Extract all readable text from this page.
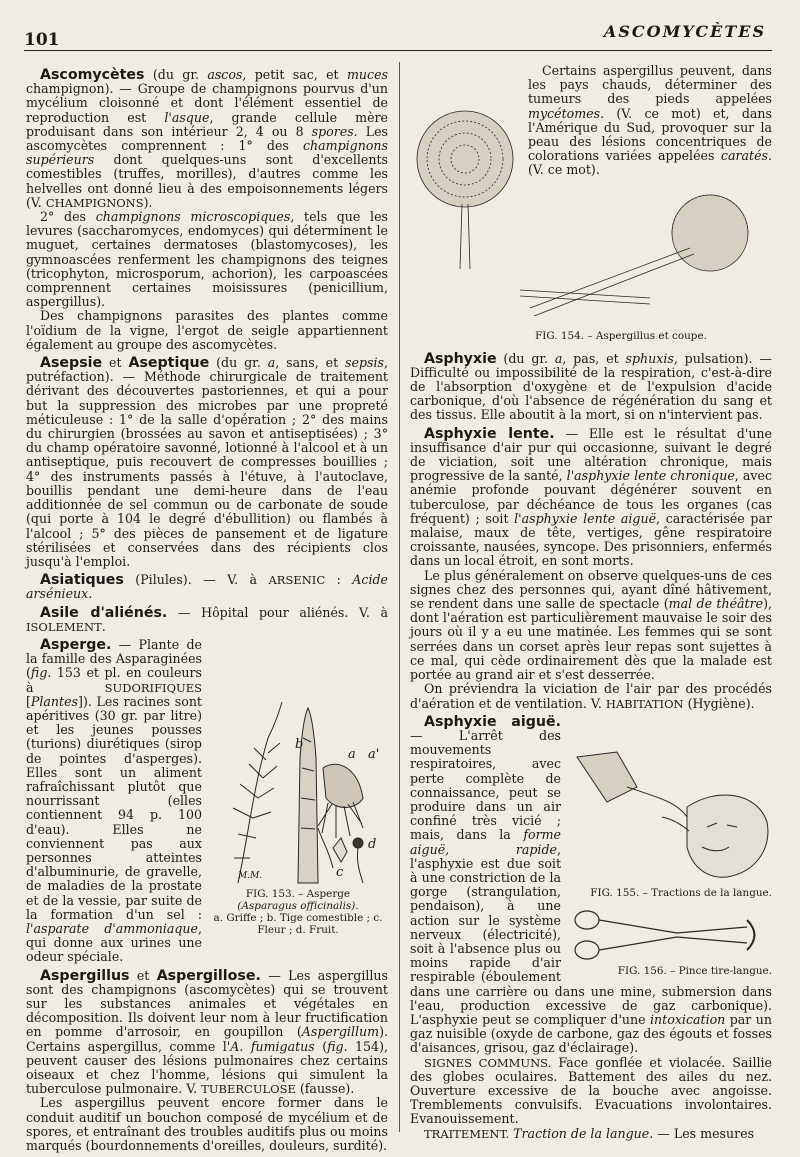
101	ASCOMYCÈTES

Ascomycètes (du gr. ascos, petit sac, et muces champignon). — Groupe de champignons pourvus d'un mycélium cloisonné et dont l'élément essentiel de reproduction est l'asque, grande cellule mère produisant dans son intérieur 2, 4 ou 8 spores. Les ascomycètes comprennent : 1° des champignons supérieurs dont quelques-uns sont d'excellents comestibles (truffes, morilles), d'autres comme les helvelles ont donné lieu à des empoisonnements légers (V. CHAMPIGNONS).

2° des champignons microscopiques, tels que les levures (saccharomyces, endomyces) qui déterminent le muguet, certaines dermatoses (blastomycoses), les gymnoascées renferment les champignons des teignes (tricophyton, microsporum, achorion), les carpoascées comprennent certaines moisissures (penicillium, aspergillus).

Des champignons parasites des plantes comme l'oïdium de la vigne, l'ergot de seigle appartiennent également au groupe des ascomycètes.

Asepsie et Aseptique (du gr. a, sans, et sepsis, putréfaction). — Méthode chirurgicale de traitement dérivant des découvertes pastoriennes, et qui a pour but la suppression des microbes par une propreté méticuleuse : 1° de la salle d'opération ; 2° des mains du chirurgien (brossées au savon et antiseptisées) ; 3° du champ opératoire savonné, lotionné à l'alcool et à un antiseptique, puis recouvert de compresses bouillies ; 4° des instruments passés à l'étuve, à l'autoclave, bouillis pendant une demi-heure dans de l'eau additionnée de sel commun ou de carbonate de soude (qui porte à 104 le degré d'ébullition) ou flambés à l'alcool ; 5° des pièces de pansement et de ligature stérilisées et conservées dans des récipients clos jusqu'à l'emploi.

Asiatiques (Pilules). — V. à ARSENIC : Acide arsénieux.

Asile d'aliénés. — Hôpital pour aliénés. V. à ISOLEMENT.

b
a a'
c
d
M.M.
FIG. 153. – Asperge
(Asparagus officinalis).
a. Griffe ; b. Tige comestible ; c. Fleur ; d. Fruit.

Asperge. — Plante de la famille des Asparaginées (fig. 153 et pl. en couleurs à SUDORIFIQUES [Plantes]). Les racines sont apéritives (30 gr. par litre) et les jeunes pousses (turions) diurétiques (sirop de pointes d'asperges). Elles sont un aliment rafraîchissant plutôt que nourrissant (elles contiennent 94 p. 100 d'eau). Elles ne conviennent pas aux personnes atteintes d'albuminurie, de gravelle, de maladies de la prostate et de la vessie, par suite de la formation d'un sel : l'asparate d'ammoniaque, qui donne aux urines une odeur spéciale.

Aspergillus et Aspergillose. — Les aspergillus sont des champignons (ascomycètes) qui se trouvent sur les substances animales et végétales en décomposition. Ils doivent leur nom à leur fructification en pomme d'arrosoir, en goupillon (Aspergillum). Certains aspergillus, comme l'A. fumigatus (fig. 154), peuvent causer des lésions pulmonaires chez certains oiseaux et chez l'homme, lésions qui simulent la tuberculose pulmonaire. V. TUBERCULOSE (fausse).

Les aspergillus peuvent encore former dans le conduit auditif un bouchon composé de mycélium et de spores, et entraînant des troubles auditifs plus ou moins marqués (bourdonnements d'oreilles, douleurs, surdité).

Certains aspergillus peuvent, dans les pays chauds, déterminer des tumeurs des pieds appelées mycétomes. (V. ce mot) et, dans l'Amérique du Sud, provoquer sur la peau des lésions concentriques de colorations variées appelées caratés. (V. ce mot).

FIG. 154. – Aspergillus et coupe.

Asphyxie (du gr. a, pas, et sphuxis, pulsation). — Difficulté ou impossibilité de la respiration, c'est-à-dire de l'absorption d'oxygène et de l'expulsion d'acide carbonique, d'où l'absence de régénération du sang et des tissus. Elle aboutit à la mort, si on n'intervient pas.

Asphyxie lente. — Elle est le résultat d'une insuffisance d'air pur qui occasionne, suivant le degré de viciation, soit une altération chronique, mais progressive de la santé, l'asphyxie lente chronique, avec anémie profonde pouvant dégénérer souvent en tuberculose, par déchéance de tous les organes (cas fréquent) ; soit l'asphyxie lente aiguë, caractérisée par malaise, maux de tête, vertiges, gêne respiratoire croissante, nausées, syncope. Des prisonniers, enfermés dans un local étroit, en sont morts.

Le plus généralement on observe quelques-uns de ces signes chez des personnes qui, ayant dîné hâtivement, se rendent dans une salle de spectacle (mal de théâtre), dont l'aération est particulièrement mauvaise le soir des jours où il y a eu une matinée. Les femmes qui se sont serrées dans un corset après leur repas sont sujettes à ce mal, qui cède ordinairement dès que la malade est portée au grand air et s'est desserrée.

On préviendra la viciation de l'air par des procédés d'aération et de ventilation. V. HABITATION (Hygiène).

FIG. 155. – Tractions de la langue.
FIG. 156. – Pince tire-langue.

Asphyxie aiguë. — L'arrêt des mouvements respiratoires, avec perte complète de connaissance, peut se produire dans un air confiné très vicié ; mais, dans la forme aiguë, rapide, l'asphyxie est due soit à une constriction de la gorge (strangulation, pendaison), à une action sur le système nerveux (électricité), soit à l'absence plus ou moins rapide d'air respirable (éboulement dans une carrière ou dans une mine, submersion dans l'eau, production excessive de gaz carbonique). L'asphyxie peut se compliquer d'une intoxication par un gaz nuisible (oxyde de carbone, gaz des égouts et fosses d'aisances, grisou, gaz d'éclairage).

SIGNES COMMUNS. Face gonflée et violacée. Saillie des globes oculaires. Battement des ailes du nez. Ouverture excessive de la bouche avec angoisse. Tremblements convulsifs. Evacuations involontaires. Evanouissement.

TRAITEMENT. Traction de la langue. — Les mesures
